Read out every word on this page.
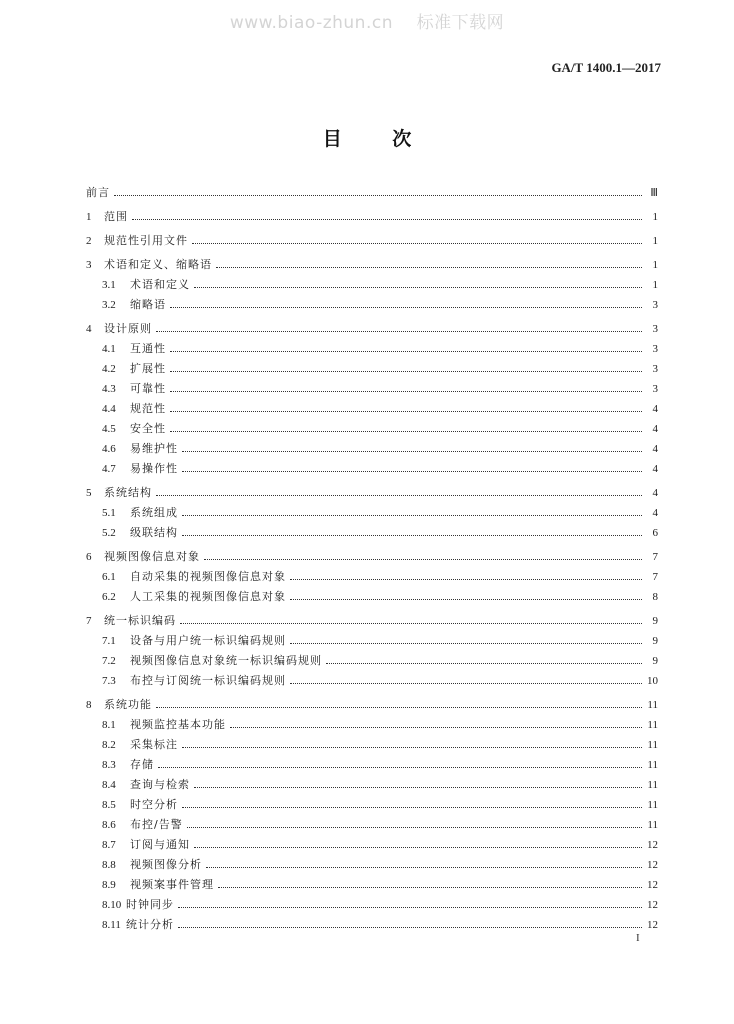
www.biao-zhun.cn    标准下载网
GA/T 1400.1—2017
目 次
前言	Ⅲ
1	范围	1
2	规范性引用文件	1
3	术语和定义、缩略语	1
3.1	术语和定义	1
3.2	缩略语	3
4	设计原则	3
4.1	互通性	3
4.2	扩展性	3
4.3	可靠性	3
4.4	规范性	4
4.5	安全性	4
4.6	易维护性	4
4.7	易操作性	4
5	系统结构	4
5.1	系统组成	4
5.2	级联结构	6
6	视频图像信息对象	7
6.1	自动采集的视频图像信息对象	7
6.2	人工采集的视频图像信息对象	8
7	统一标识编码	9
7.1	设备与用户统一标识编码规则	9
7.2	视频图像信息对象统一标识编码规则	9
7.3	布控与订阅统一标识编码规则	10
8	系统功能	11
8.1	视频监控基本功能	11
8.2	采集标注	11
8.3	存储	11
8.4	查询与检索	11
8.5	时空分析	11
8.6	布控/告警	11
8.7	订阅与通知	12
8.8	视频图像分析	12
8.9	视频案事件管理	12
8.10 时钟同步	12
8.11 统计分析	12
I
